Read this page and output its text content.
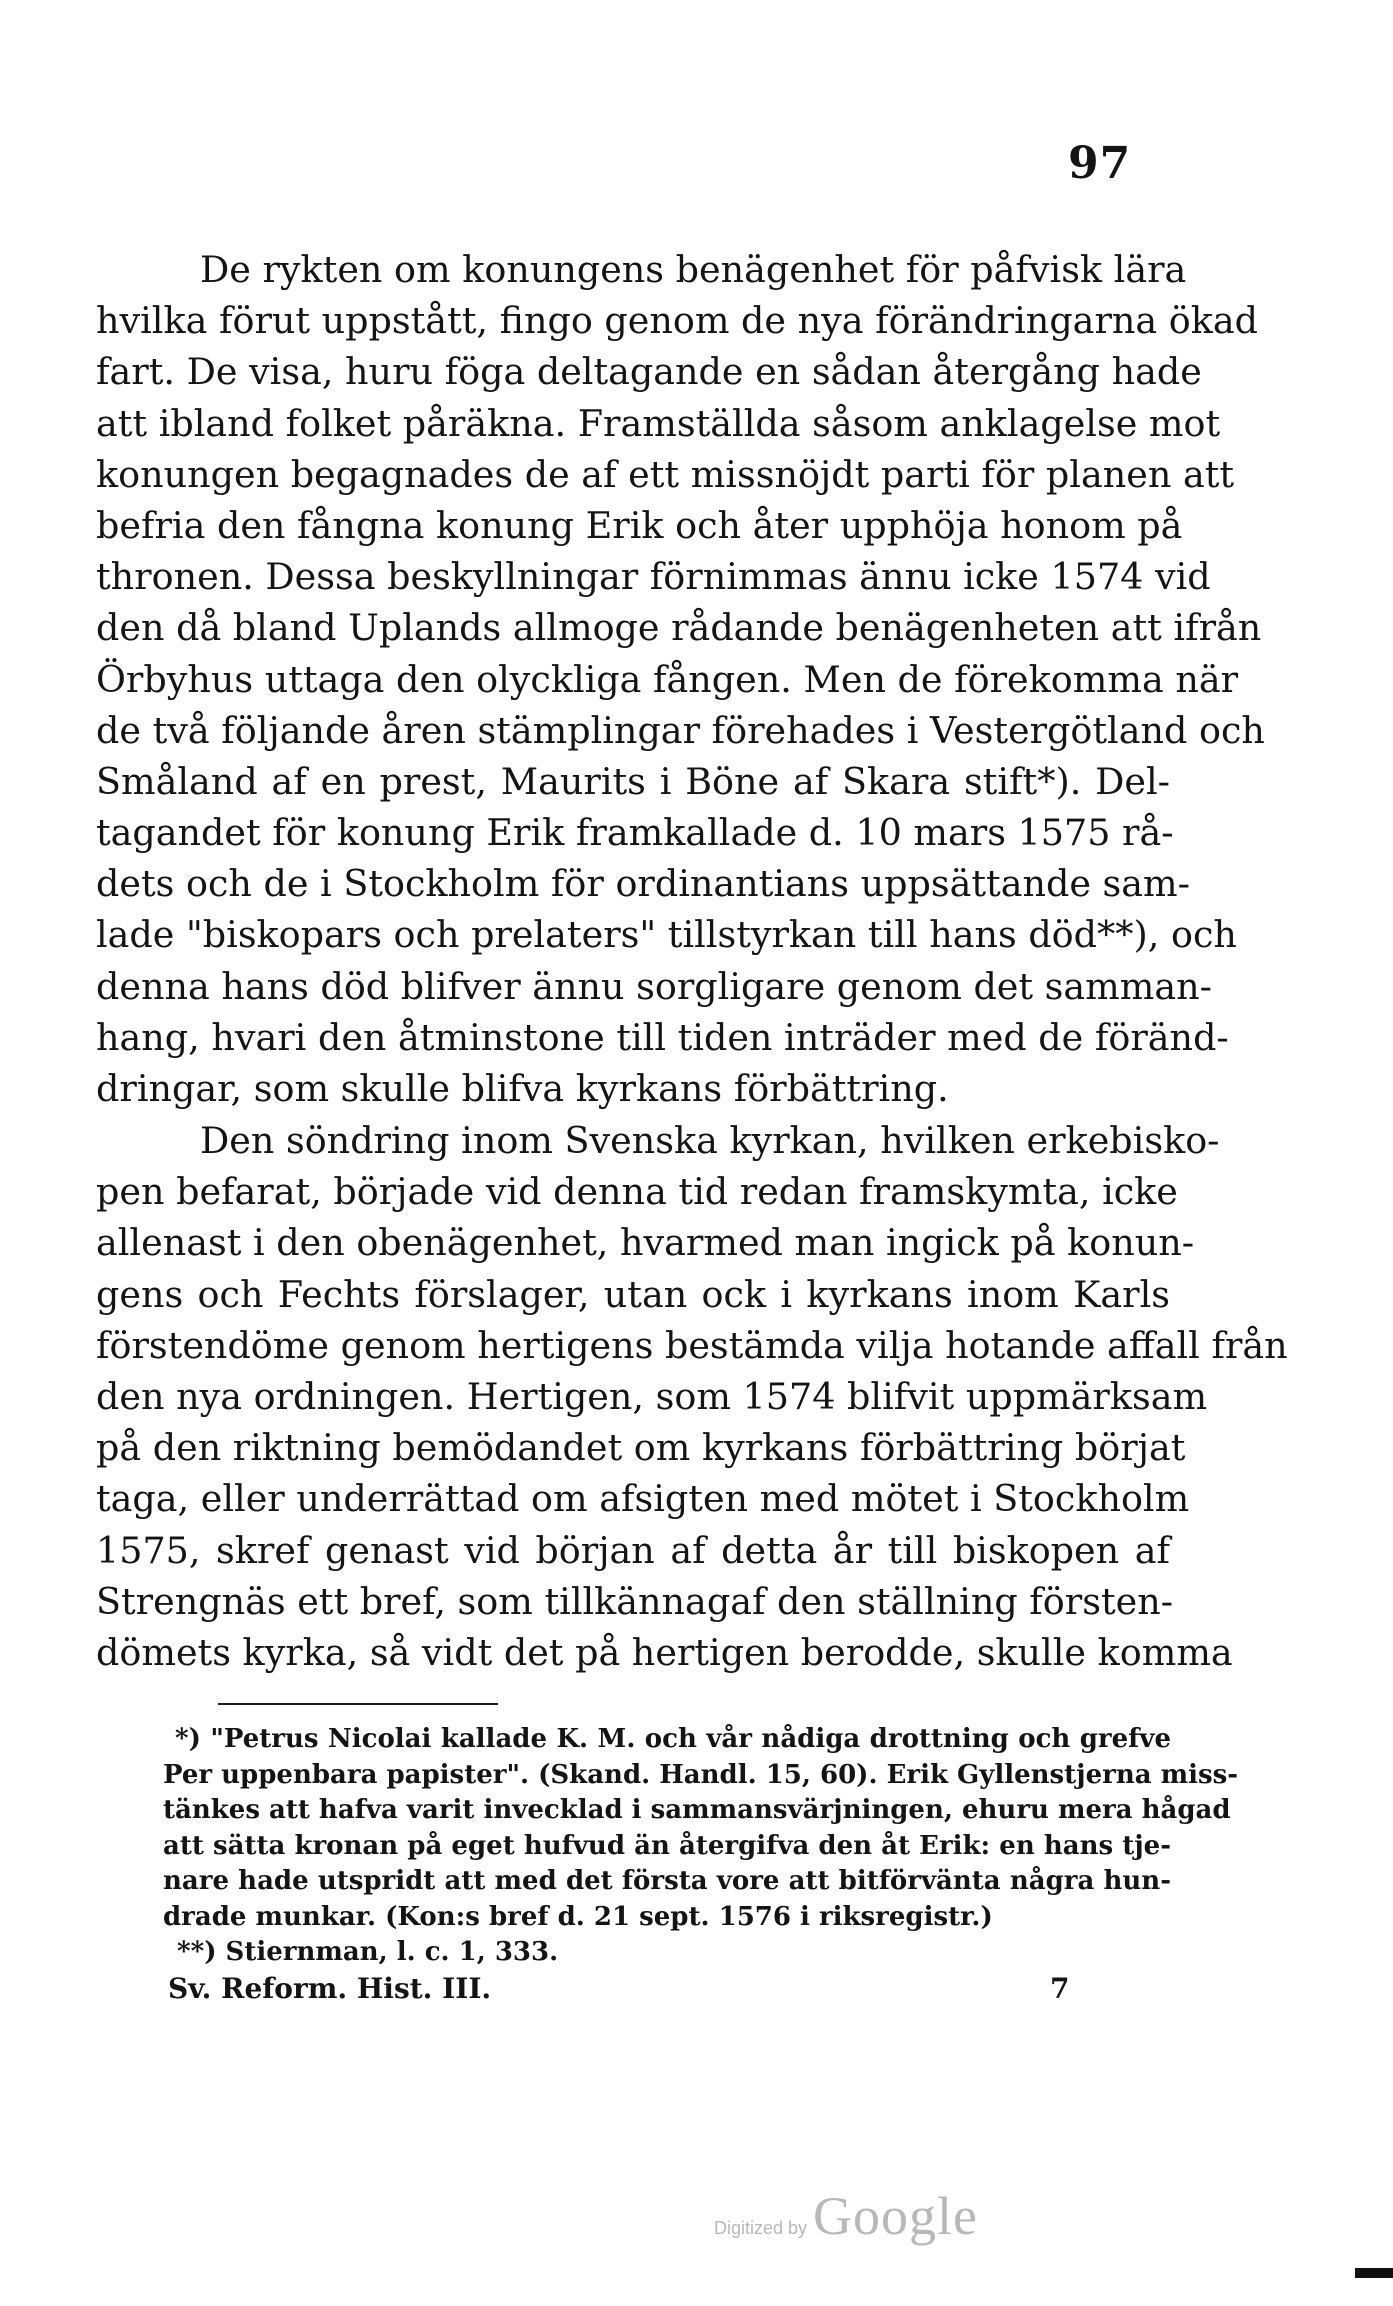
97
De rykten om konungens benägenhet för påfvisk lära
hvilka förut uppstått, fingo genom de nya förändringarna ökad
fart. De visa, huru föga deltagande en sådan återgång hade
att ibland folket påräkna. Framställda såsom anklagelse mot
konungen begagnades de af ett missnöjdt parti för planen att
befria den fångna konung Erik och åter upphöja honom på
thronen. Dessa beskyllningar förnimmas ännu icke 1574 vid
den då bland Uplands allmoge rådande benägenheten att ifrån
Örbyhus uttaga den olyckliga fången. Men de förekomma när
de två följande åren stämplingar förehades i Vestergötland och
Småland af en prest, Maurits i Böne af Skara stift*). Del-
tagandet för konung Erik framkallade d. 10 mars 1575 rå-
dets och de i Stockholm för ordinantians uppsättande sam-
lade "biskopars och prelaters" tillstyrkan till hans död**), och
denna hans död blifver ännu sorgligare genom det samman-
hang, hvari den åtminstone till tiden inträder med de föränd-
dringar, som skulle blifva kyrkans förbättring.
Den söndring inom Svenska kyrkan, hvilken erkebisko-
pen befarat, började vid denna tid redan framskymta, icke
allenast i den obenägenhet, hvarmed man ingick på konun-
gens och Fechts förslager, utan ock i kyrkans inom Karls
förstendöme genom hertigens bestämda vilja hotande affall från
den nya ordningen. Hertigen, som 1574 blifvit uppmärksam
på den riktning bemödandet om kyrkans förbättring börjat
taga, eller underrättad om afsigten med mötet i Stockholm
1575, skref genast vid början af detta år till biskopen af
Strengnäs ett bref, som tillkännagaf den ställning försten-
dömets kyrka, så vidt det på hertigen berodde, skulle komma
*) "Petrus Nicolai kallade K. M. och vår nådiga drottning och grefve
Per uppenbara papister". (Skand. Handl. 15, 60). Erik Gyllenstjerna miss-
tänkes att hafva varit invecklad i sammansvärjningen, ehuru mera hågad
att sätta kronan på eget hufvud än återgifva den åt Erik: en hans tje-
nare hade utspridt att med det första vore att bitförvänta några hun-
drade munkar. (Kon:s bref d. 21 sept. 1576 i riksregistr.)
**) Stiernman, l. c. 1, 333.
Sv. Reform. Hist. III.	7
Digitized by Google
